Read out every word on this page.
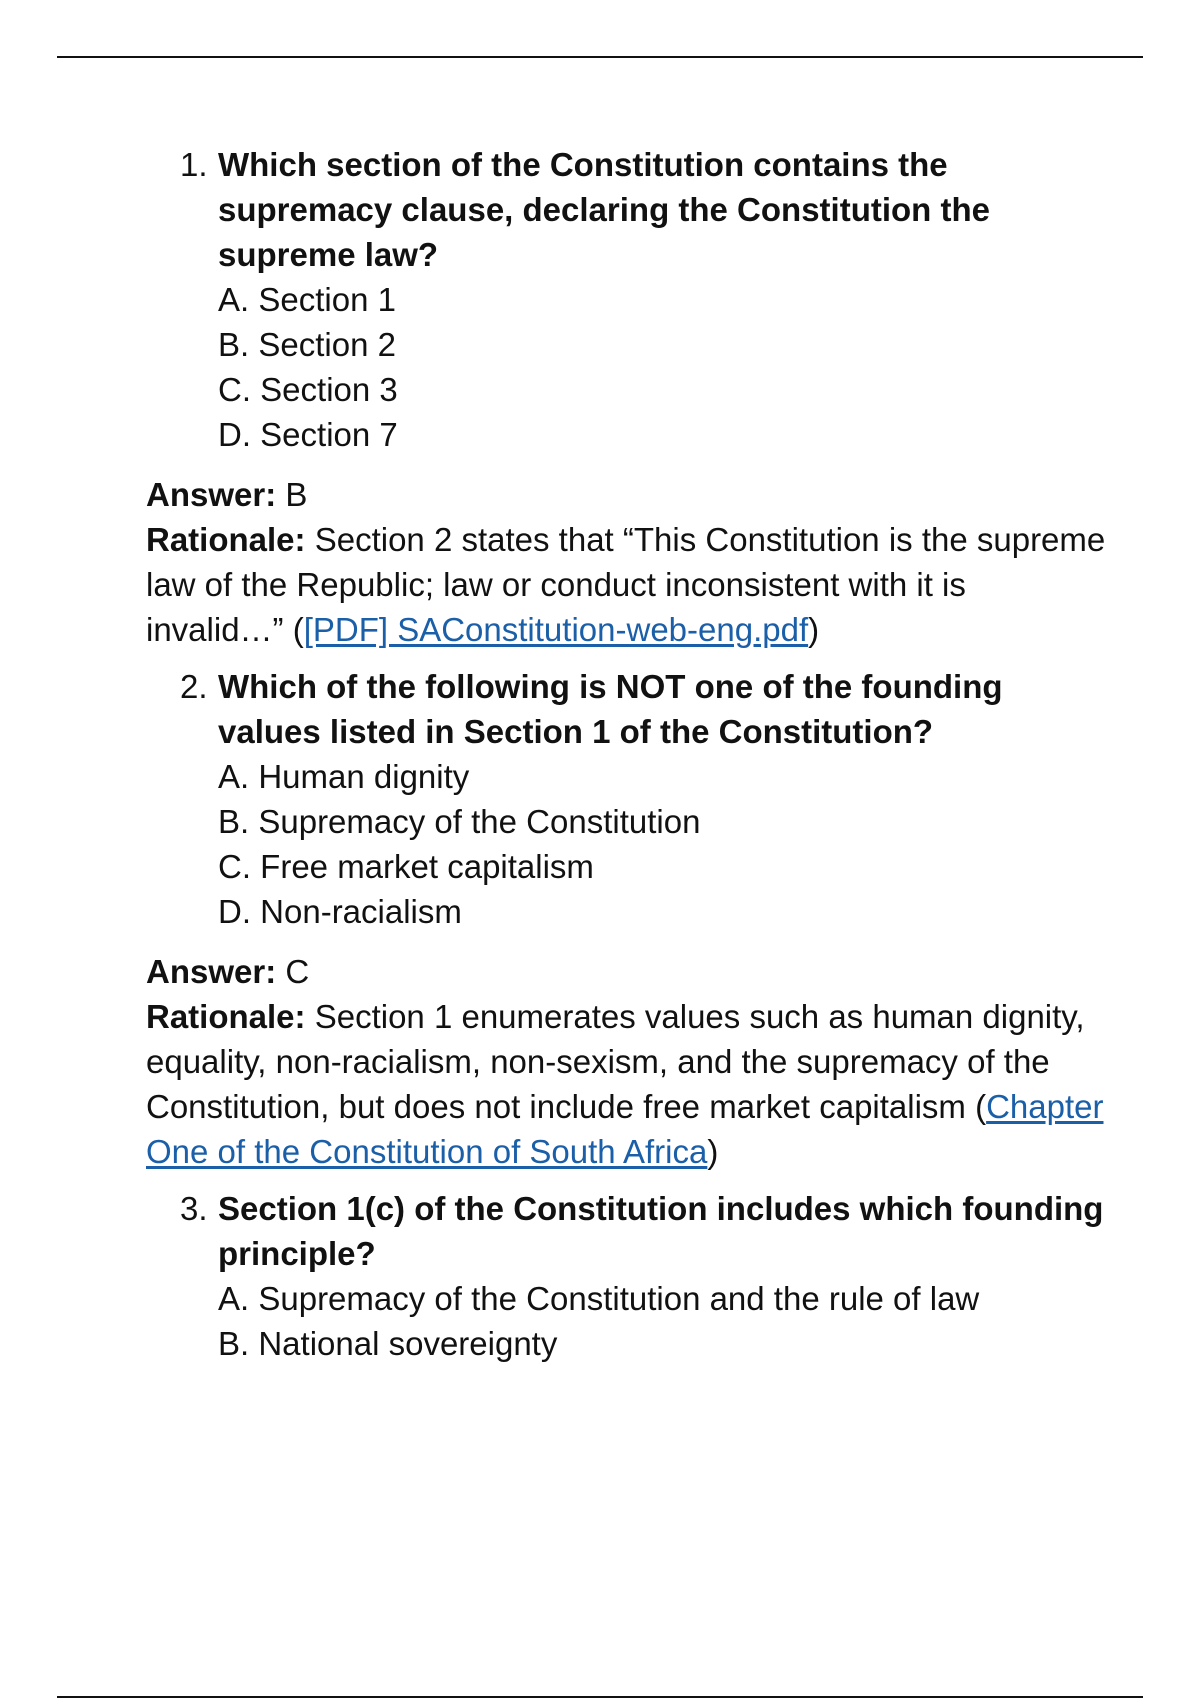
1. Which section of the Constitution contains the supremacy clause, declaring the Constitution the supreme law?
A. Section 1
B. Section 2
C. Section 3
D. Section 7
Answer: B
Rationale: Section 2 states that “This Constitution is the supreme law of the Republic; law or conduct inconsistent with it is invalid…” ([PDF] SAConstitution-web-eng.pdf)
2. Which of the following is NOT one of the founding values listed in Section 1 of the Constitution?
A. Human dignity
B. Supremacy of the Constitution
C. Free market capitalism
D. Non-racialism
Answer: C
Rationale: Section 1 enumerates values such as human dignity, equality, non-racialism, non-sexism, and the supremacy of the Constitution, but does not include free market capitalism (Chapter One of the Constitution of South Africa)
3. Section 1(c) of the Constitution includes which founding principle?
A. Supremacy of the Constitution and the rule of law
B. National sovereignty
